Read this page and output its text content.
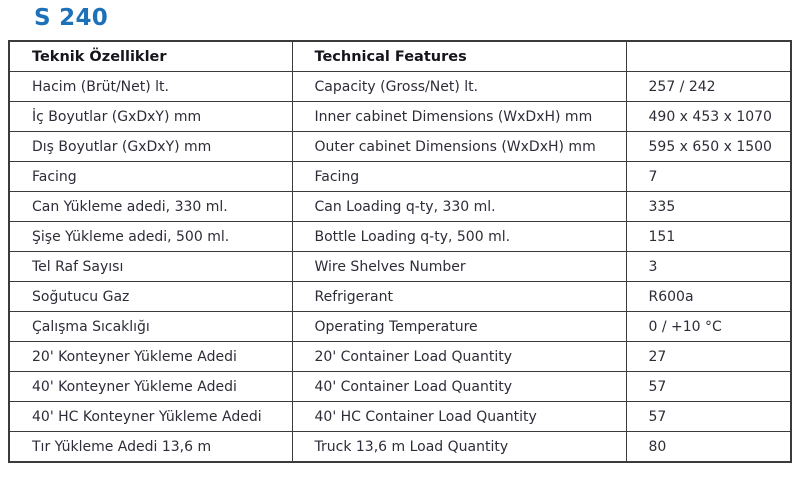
S 240
Teknik Özellikler	Technical Features	
Hacim (Brüt/Net) lt.	Capacity (Gross/Net) lt.	257 / 242
İç Boyutlar (GxDxY) mm	Inner cabinet Dimensions (WxDxH) mm	490 x 453 x 1070
Dış Boyutlar (GxDxY) mm	Outer cabinet Dimensions (WxDxH) mm	595 x 650 x 1500
Facing	Facing	7
Can Yükleme adedi, 330 ml.	Can Loading q-ty, 330 ml.	335
Şişe Yükleme adedi, 500 ml.	Bottle Loading q-ty, 500 ml.	151
Tel Raf Sayısı	Wire Shelves Number	3
Soğutucu Gaz	Refrigerant	R600a
Çalışma Sıcaklığı	Operating Temperature	0 / +10 °C
20' Konteyner Yükleme Adedi	20' Container Load Quantity	27
40' Konteyner Yükleme Adedi	40' Container Load Quantity	57
40' HC Konteyner Yükleme Adedi	40' HC Container Load Quantity	57
Tır Yükleme Adedi 13,6 m	Truck 13,6 m Load Quantity	80
